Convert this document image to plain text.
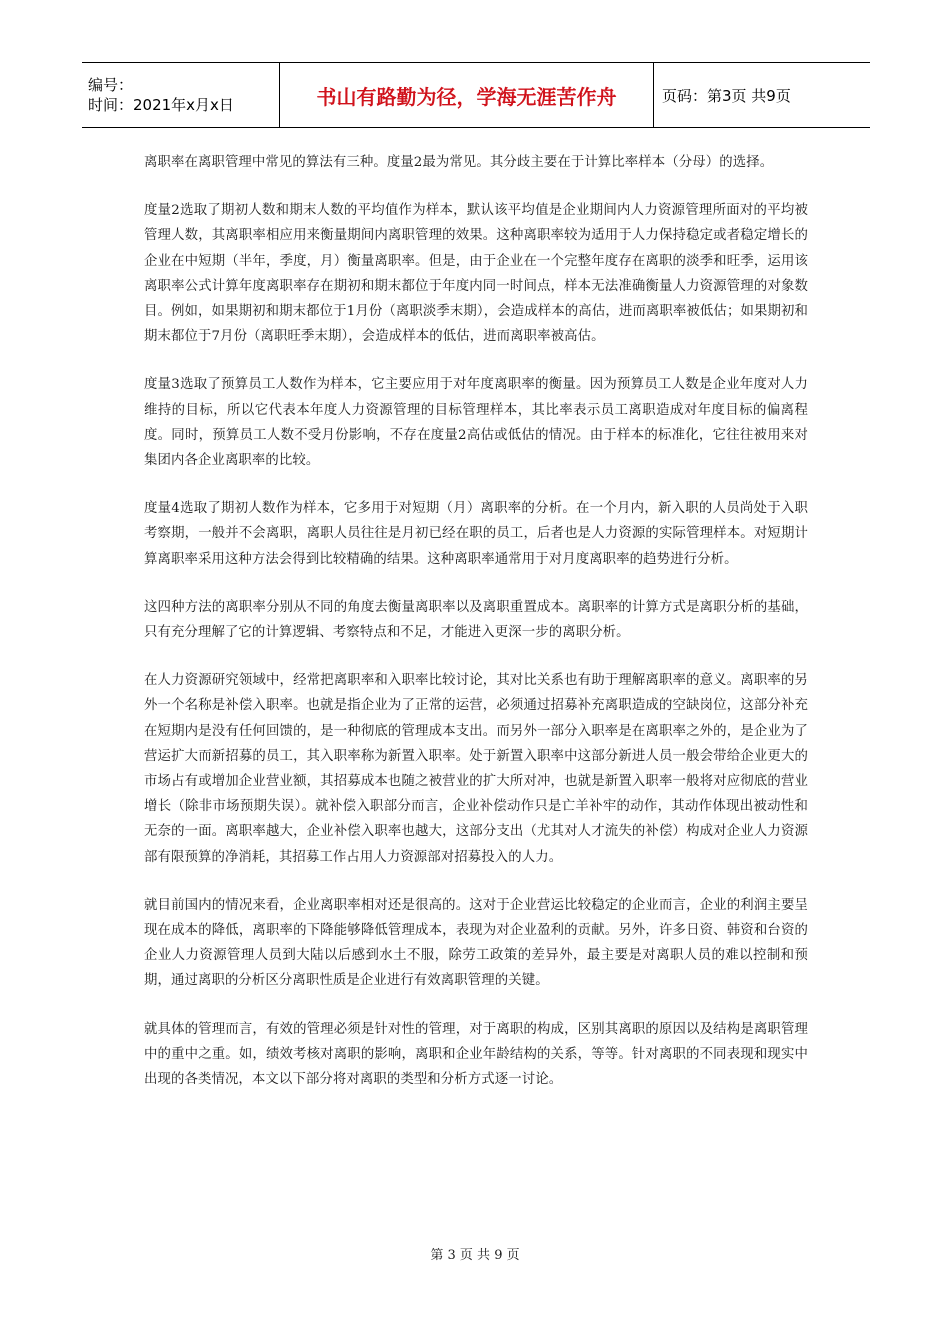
编号：
时间：2021年x月x日	书山有路勤为径，学海无涯苦作舟	页码：第3页 共9页

离职率在离职管理中常见的算法有三种。度量2最为常见。其分歧主要在于计算比率样本（分母）的选择。

度量2选取了期初人数和期末人数的平均值作为样本，默认该平均值是企业期间内人力资源管理所面对的平均被管理人数，其离职率相应用来衡量期间内离职管理的效果。这种离职率较为适用于人力保持稳定或者稳定增长的企业在中短期（半年，季度，月）衡量离职率。但是，由于企业在一个完整年度存在离职的淡季和旺季，运用该离职率公式计算年度离职率存在期初和期末都位于年度内同一时间点，样本无法准确衡量人力资源管理的对象数目。例如，如果期初和期末都位于1月份（离职淡季末期），会造成样本的高估，进而离职率被低估；如果期初和期末都位于7月份（离职旺季末期），会造成样本的低估，进而离职率被高估。

度量3选取了预算员工人数作为样本，它主要应用于对年度离职率的衡量。因为预算员工人数是企业年度对人力维持的目标，所以它代表本年度人力资源管理的目标管理样本，其比率表示员工离职造成对年度目标的偏离程度。同时，预算员工人数不受月份影响，不存在度量2高估或低估的情况。由于样本的标准化，它往往被用来对集团内各企业离职率的比较。

度量4选取了期初人数作为样本，它多用于对短期（月）离职率的分析。在一个月内，新入职的人员尚处于入职考察期，一般并不会离职，离职人员往往是月初已经在职的员工，后者也是人力资源的实际管理样本。对短期计算离职率采用这种方法会得到比较精确的结果。这种离职率通常用于对月度离职率的趋势进行分析。

这四种方法的离职率分别从不同的角度去衡量离职率以及离职重置成本。离职率的计算方式是离职分析的基础，只有充分理解了它的计算逻辑、考察特点和不足，才能进入更深一步的离职分析。

在人力资源研究领域中，经常把离职率和入职率比较讨论，其对比关系也有助于理解离职率的意义。离职率的另外一个名称是补偿入职率。也就是指企业为了正常的运营，必须通过招募补充离职造成的空缺岗位，这部分补充在短期内是没有任何回馈的，是一种彻底的管理成本支出。而另外一部分入职率是在离职率之外的，是企业为了营运扩大而新招募的员工，其入职率称为新置入职率。处于新置入职率中这部分新进人员一般会带给企业更大的市场占有或增加企业营业额，其招募成本也随之被营业的扩大所对冲，也就是新置入职率一般将对应彻底的营业增长（除非市场预期失误）。就补偿入职部分而言，企业补偿动作只是亡羊补牢的动作，其动作体现出被动性和无奈的一面。离职率越大，企业补偿入职率也越大，这部分支出（尤其对人才流失的补偿）构成对企业人力资源部有限预算的净消耗，其招募工作占用人力资源部对招募投入的人力。

就目前国内的情况来看，企业离职率相对还是很高的。这对于企业营运比较稳定的企业而言，企业的利润主要呈现在成本的降低，离职率的下降能够降低管理成本，表现为对企业盈利的贡献。另外，许多日资、韩资和台资的企业人力资源管理人员到大陆以后感到水土不服，除劳工政策的差异外，最主要是对离职人员的难以控制和预期，通过离职的分析区分离职性质是企业进行有效离职管理的关键。

就具体的管理而言，有效的管理必须是针对性的管理，对于离职的构成，区别其离职的原因以及结构是离职管理中的重中之重。如，绩效考核对离职的影响，离职和企业年龄结构的关系，等等。针对离职的不同表现和现实中出现的各类情况，本文以下部分将对离职的类型和分析方式逐一讨论。

第 3 页 共 9 页
